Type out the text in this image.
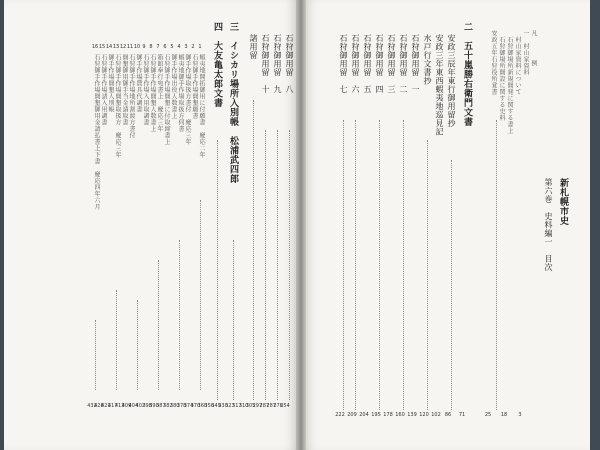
新札幌市史
第六巻　史料編一　目次
凡
例
一　村山家資料
　村山家資料について
　石狩御場所新規開発に関する書上
　石狩御場所開設に関する史料
安政五年石狩役所覚書
二　五十嵐勝右衛門文書
安政三辰年東行御用留抄
安政三年東西蝦夷地巡見記
水戸行文書抄
石狩御用留　一
石狩御用留　二
石狩御用留　三
石狩御用留　四
石狩御用留　五
石狩御用留　六
石狩御用留　七
3
18
25
71
86
102
120
139
160
178
195
204
209
222
石狩御用留　八
石狩御用留　九
石狩御用留　十
諸用留
三　イシカリ場所入別帳　松浦武四郎
四　大友亀太郎文書
1
2
3
4
5
6
7
8
9
10
11
12
13
14
15
16
蝦夷地開拓御用に付願書　慶応二年
石狩御手作場開墾願書
御手作場取扱方書付　慶応三年
蝦夷地御手作場取扱方伺書
御手作場出役人数書上
石狩御手作場開墾に付取締書上
箱館奉行宛書上　慶応三年
石狩御手作場開墾人数書上
石狩御手作場入用取調書
御手作場農具代調書
石狩御手作場地所割渡方書付
開墾御用御手当金請取書
石狩御手作場開墾取扱方　慶応三年
御手作場開墾人別帳
石狩御手作場諸入用調書
石狩御手作場開墾御用金請払書上下書　慶応四年六月
254
276
287
287
297
305
310
317
323
330
349
356
360
370
374
378
380
382
387
390
398
402
404
409
413
417
421
428
432
